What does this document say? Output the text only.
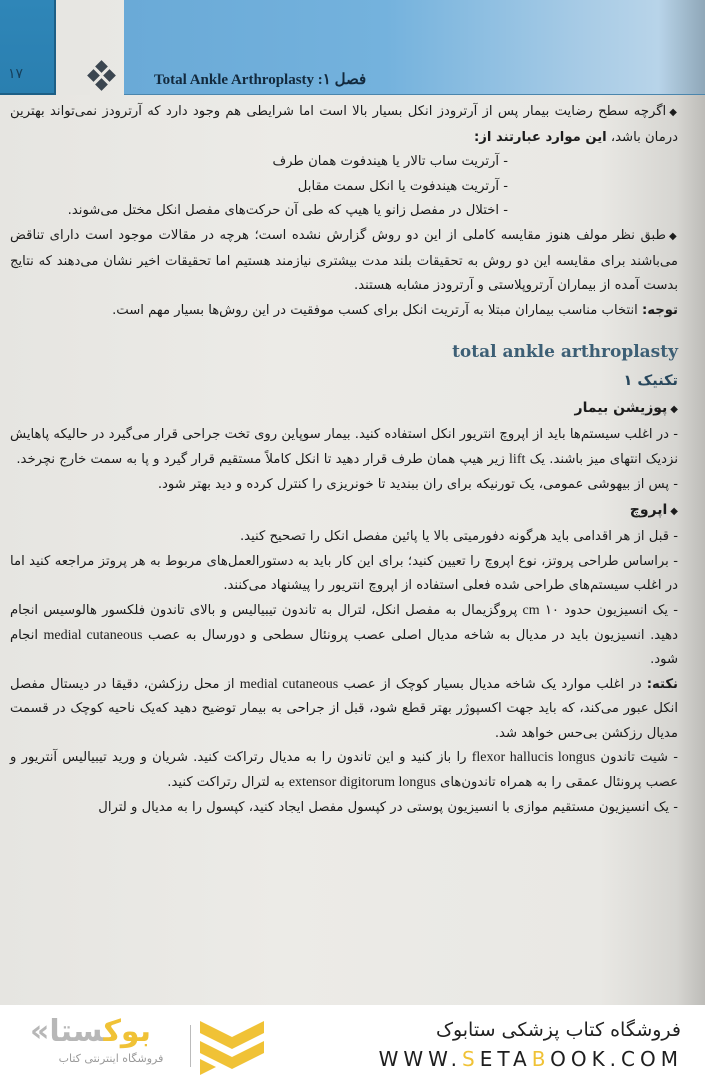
۱۷	فصل ۱: Total Ankle Arthroplasty

◆ اگرچه سطح رضایت بیمار پس از آرترودز انکل بسیار بالا است اما شرایطی هم وجود دارد که آرترودز نمی‌تواند بهترین درمان باشد، این موارد عبارتند از:

- آرتریت ساب تالار یا هیندفوت همان طرف

- آرتریت هیندفوت یا انکل سمت مقابل

- اختلال در مفصل زانو یا هیپ که طی آن حرکت‌های مفصل انکل مختل می‌شوند.

◆ طبق نظر مولف هنوز مقایسه کاملی از این دو روش گزارش نشده است؛ هرچه در مقالات موجود است دارای تناقض می‌باشند برای مقایسه این دو روش به تحقیقات بلند مدت بیشتری نیازمند هستیم اما تحقیقات اخیر نشان می‌دهند که نتایج بدست آمده از بیماران آرتروپلاستی و آرترودز مشابه هستند.

توجه: انتخاب مناسب بیماران مبتلا به آرتریت انکل برای کسب موفقیت در این روش‌ها بسیار مهم است.

total ankle arthroplasty
تکنیک ۱
◆ پوزیشن بیمار

- در اغلب سیستم‌ها باید از اپروچ انتریور انکل استفاده کنید. بیمار سوپاین روی تخت جراحی قرار می‌گیرد در حالیکه پاهایش نزدیک انتهای میز باشند. یک lift زیر هیپ همان طرف قرار دهید تا انکل کاملاً مستقیم قرار گیرد و پا به سمت خارج نچرخد.

- پس از بیهوشی عمومی، یک تورنیکه برای ران ببندید تا خونریزی را کنترل کرده و دید بهتر شود.

◆ اپروچ

- قبل از هر اقدامی باید هرگونه دفورمیتی بالا یا پائین مفصل انکل را تصحیح کنید.

- براساس طراحی پروتز، نوع اپروچ را تعیین کنید؛ برای این کار باید به دستورالعمل‌های مربوط به هر پروتز مراجعه کنید اما در اغلب سیستم‌های طراحی شده فعلی استفاده از اپروچ انتریور را پیشنهاد می‌کنند.

- یک انسیزیون حدود ۱۰ cm پروگزیمال به مفصل انکل، لترال به تاندون تیبیالیس و بالای تاندون فلکسور هالوسیس انجام دهید. انسیزیون باید در مدیال به شاخه مدیال اصلی عصب پرونئال سطحی و دورسال به عصب medial cutaneous انجام شود.

نکته: در اغلب موارد یک شاخه مدیال بسیار کوچک از عصب medial cutaneous از محل رزکشن، دقیقا در دیستال مفصل انکل عبور می‌کند، که باید جهت اکسپوژر بهتر قطع شود، قبل از جراحی به بیمار توضیح دهید که‌یک ناحیه کوچک در قسمت مدیال رزکشن بی‌حس خواهد شد.

- شیت تاندون flexor hallucis longus را باز کنید و این تاندون را به مدیال رتراکت کنید. شریان و ورید تیبیالیس آنتریور و عصب پرونئال عمقی را به همراه تاندون‌های extensor digitorum longus به لترال رتراکت کنید.

- یک انسیزیون مستقیم موازی با انسیزیون پوستی در کپسول مفصل ایجاد کنید، کپسول را به مدیال و لترال

« بوکستا
فروشگاه اینترنتی کتاب
فروشگاه کتاب پزشکی ستابوک
WWW.SETABOOK.COM
